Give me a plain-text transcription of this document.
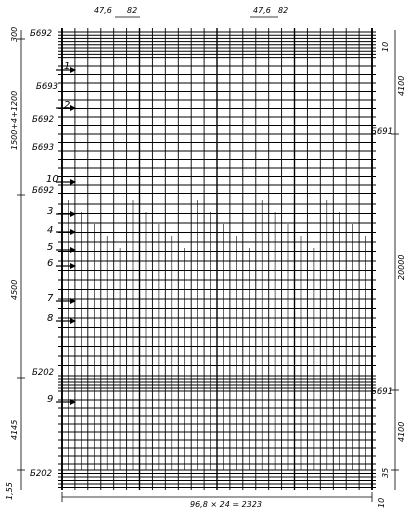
47,6 82	47,6 82
Б692
Б693
Б692
Б693
Б692
Б202
Б202
Б691
Б691
1
2
10
3
4
5
6
7
8
9
300
1500+4+1200
4500
4145
1,55
10
4100
20000
4100
35
10
96,8 × 24 = 2323
